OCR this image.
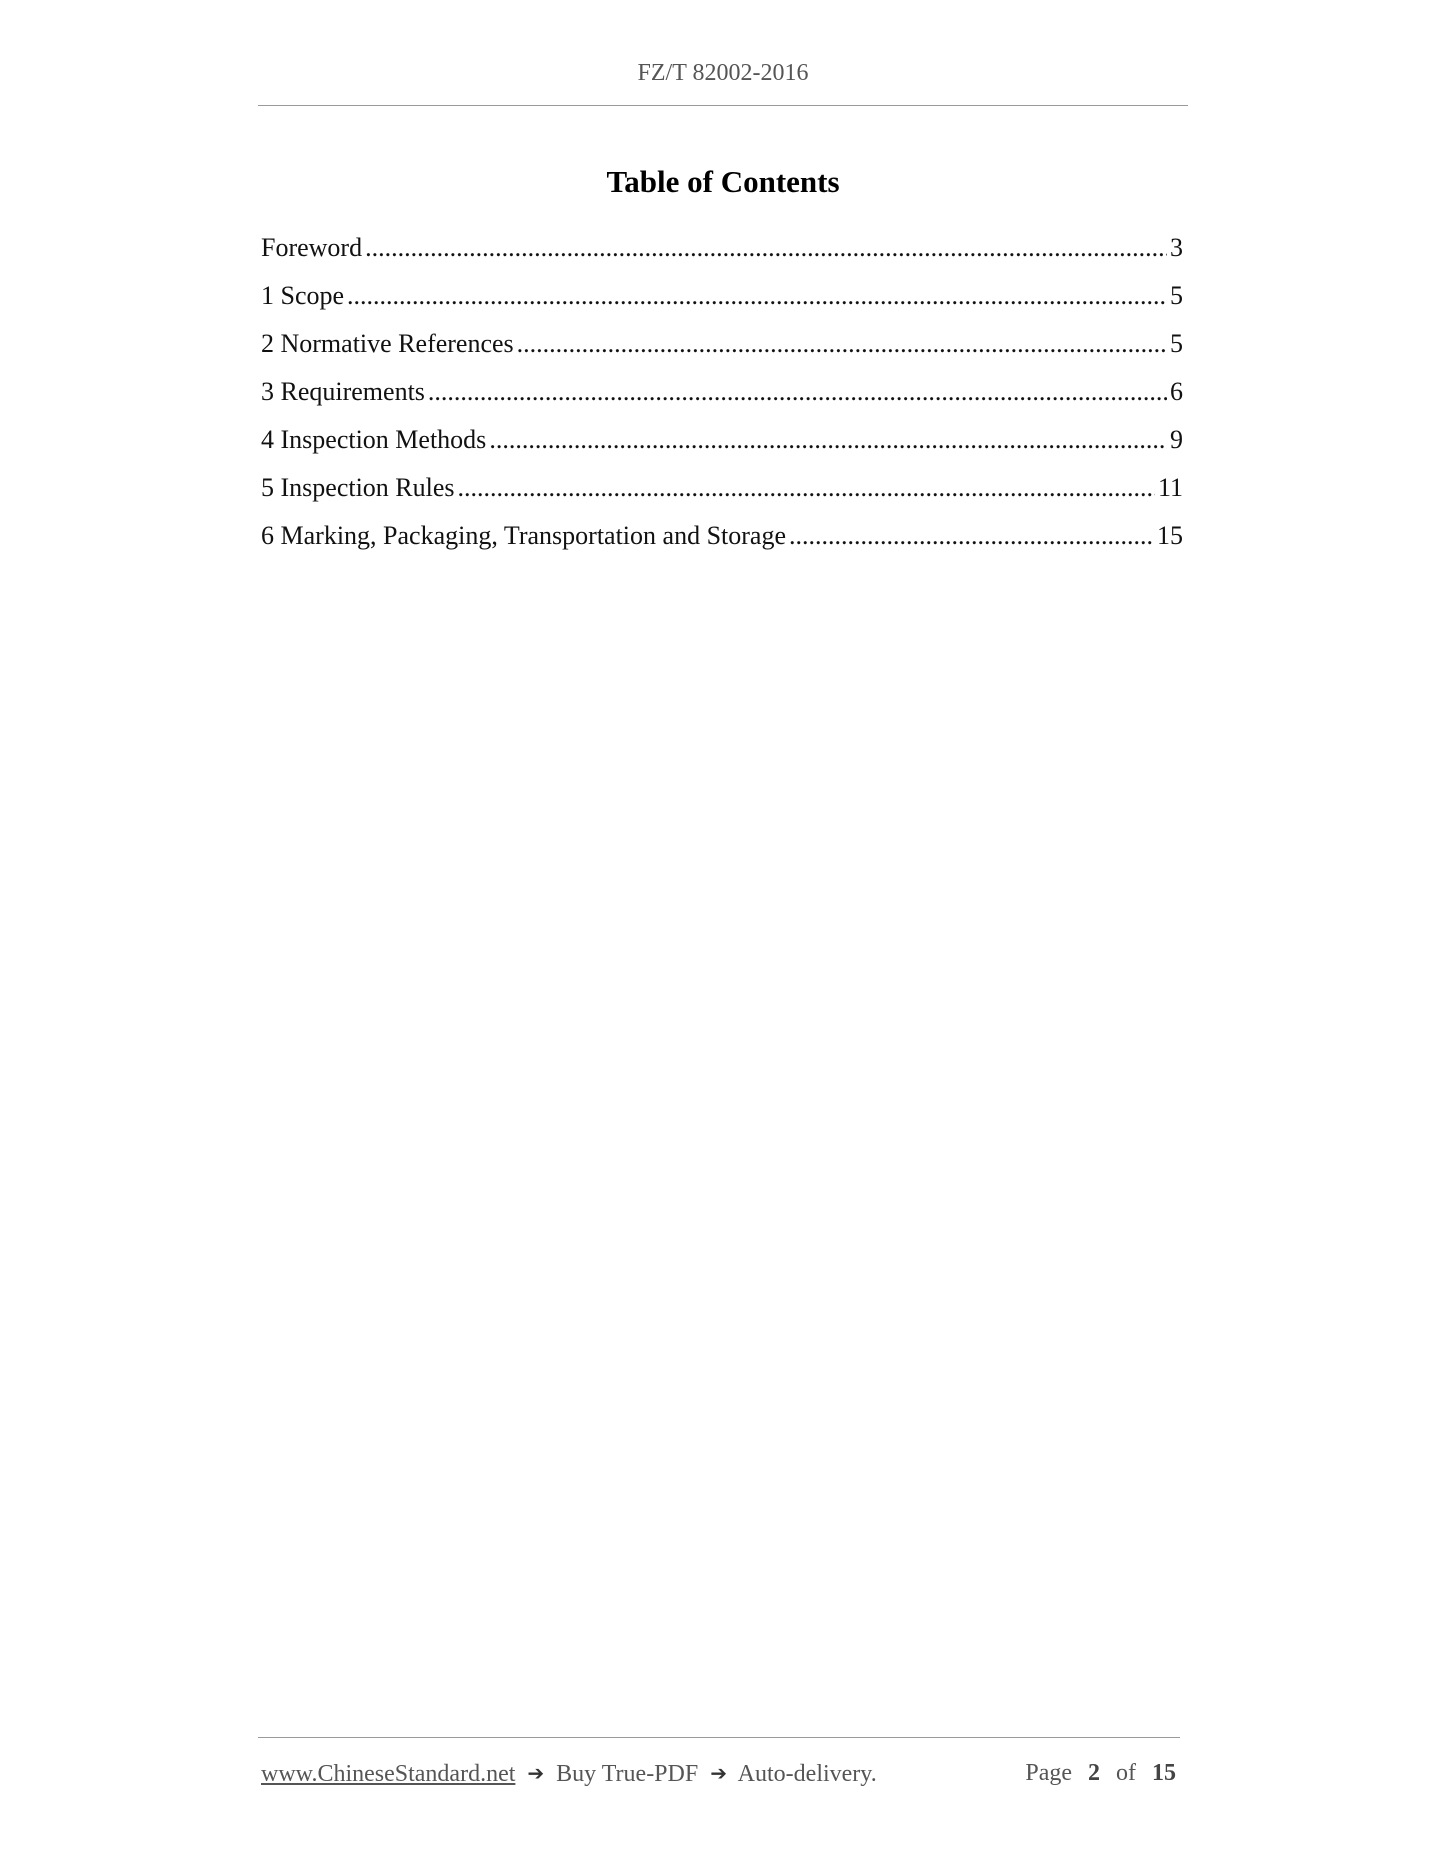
FZ/T 82002-2016
Table of Contents
Foreword .....	3
1 Scope .....	5
2 Normative References .....	5
3 Requirements .....	6
4 Inspection Methods .....	9
5 Inspection Rules .....	11
6 Marking, Packaging, Transportation and Storage .....	15
www.ChineseStandard.net ➔ Buy True-PDF ➔ Auto-delivery.	Page 2 of 15
